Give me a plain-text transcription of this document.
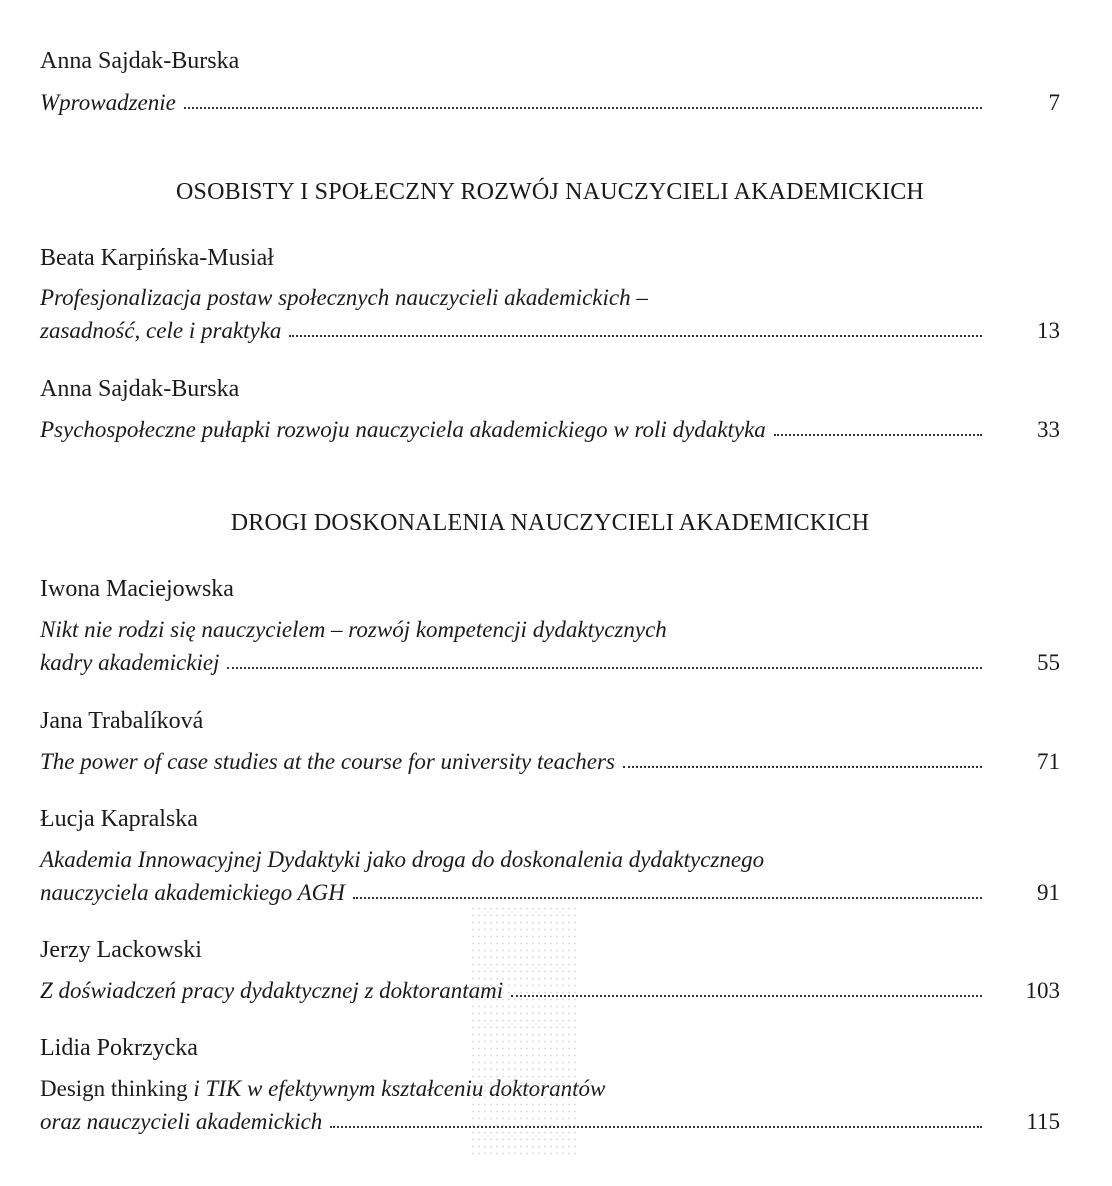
Anna Sajdak-Burska
Wprowadzenie	7
OSOBISTY I SPOŁECZNY ROZWÓJ NAUCZYCIELI AKADEMICKICH
Beata Karpińska-Musiał
Profesjonalizacja postaw społecznych nauczycieli akademickich –
zasadność, cele i praktyka	13
Anna Sajdak-Burska
Psychospołeczne pułapki rozwoju nauczyciela akademickiego w roli dydaktyka	33
DROGI DOSKONALENIA NAUCZYCIELI AKADEMICKICH
Iwona Maciejowska
Nikt nie rodzi się nauczycielem – rozwój kompetencji dydaktycznych
kadry akademickiej	55
Jana Trabalíková
The power of case studies at the course for university teachers	71
Łucja Kapralska
Akademia Innowacyjnej Dydaktyki jako droga do doskonalenia dydaktycznego
nauczyciela akademickiego AGH	91
Jerzy Lackowski
Z doświadczeń pracy dydaktycznej z doktorantami	103
Lidia Pokrzycka
Design thinking i TIK w efektywnym kształceniu doktorantów
oraz nauczycieli akademickich	115
